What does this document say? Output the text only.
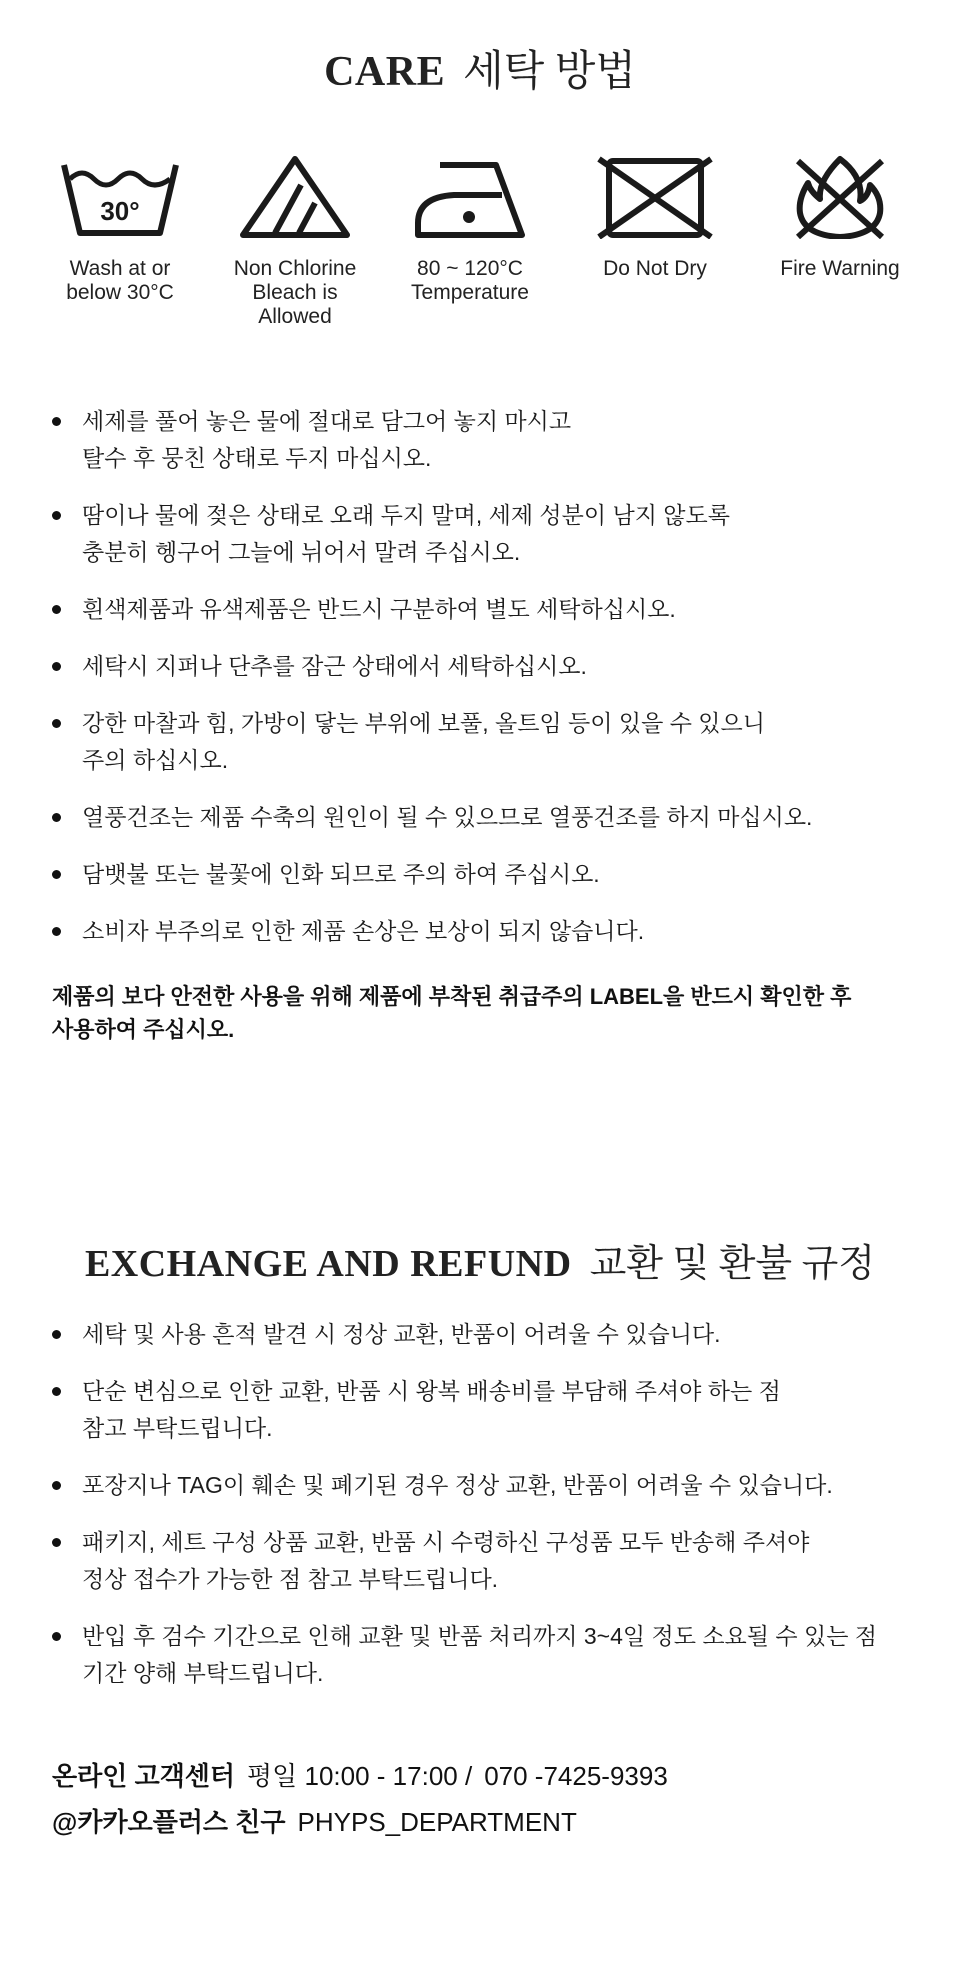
CARE 세탁 방법
30°
Wash at or
below 30°C
Non Chlorine
Bleach is
Allowed
80 ~ 120°C
Temperature
Do Not Dry	Fire Warning
세제를 풀어 놓은 물에 절대로 담그어 놓지 마시고
탈수 후 뭉친 상태로 두지 마십시오.
땀이나 물에 젖은 상태로 오래 두지 말며, 세제 성분이 남지 않도록
충분히 헹구어 그늘에 뉘어서 말려 주십시오.
흰색제품과 유색제품은 반드시 구분하여 별도 세탁하십시오.
세탁시 지퍼나 단추를 잠근 상태에서 세탁하십시오.
강한 마찰과 힘, 가방이 닿는 부위에 보풀, 올트임 등이 있을 수 있으니
주의 하십시오.
열풍건조는 제품 수축의 원인이 될 수 있으므로 열풍건조를 하지 마십시오.
담뱃불 또는 불꽃에 인화 되므로 주의 하여 주십시오.
소비자 부주의로 인한 제품 손상은 보상이 되지 않습니다.
제품의 보다 안전한 사용을 위해 제품에 부착된 취급주의 LABEL을 반드시 확인한 후
사용하여 주십시오.
EXCHANGE AND REFUND 교환 및 환불 규정
세탁 및 사용 흔적 발견 시 정상 교환, 반품이 어려울 수 있습니다.
단순 변심으로 인한 교환, 반품 시 왕복 배송비를 부담해 주셔야 하는 점
참고 부탁드립니다.
포장지나 TAG이 훼손 및 폐기된 경우 정상 교환, 반품이 어려울 수 있습니다.
패키지, 세트 구성 상품 교환, 반품 시 수령하신 구성품 모두 반송해 주셔야
정상 접수가 가능한 점 참고 부탁드립니다.
반입 후 검수 기간으로 인해 교환 및 반품 처리까지 3~4일 정도 소요될 수 있는 점
기간 양해 부탁드립니다.
온라인 고객센터 평일 10:00 - 17:00 / 070 -7425-9393
@카카오플러스 친구 PHYPS_DEPARTMENT
